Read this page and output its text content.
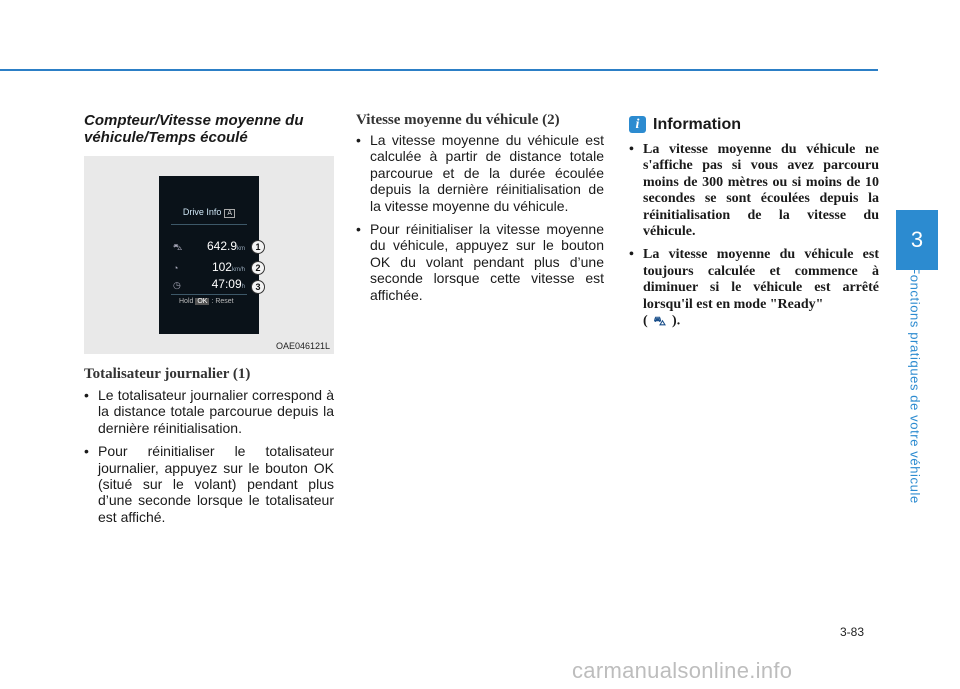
3
Fonctions pratiques de votre véhicule
Compteur/Vitesse moyenne du véhicule/Temps écoulé
Drive Info A
⛍	642.9km
◔	102km/h
◷	47:09h
Hold OK : Reset
1
2
3
OAE046121L
Totalisateur journalier (1)
• Le totalisateur journalier correspond à la distance totale parcourue depuis la dernière réinitialisation.
• Pour réinitialiser le totalisateur journalier, appuyez sur le bouton OK (situé sur le volant) pendant plus d’une seconde lorsque le totalisateur est affiché.
Vitesse moyenne du véhicule (2)
• La vitesse moyenne du véhicule est calculée à partir de distance totale parcourue et de la durée écoulée depuis la dernière réinitialisation de la vitesse moyenne du véhicule.
• Pour réinitialiser la vitesse moyenne du véhicule, appuyez sur le bouton OK du volant pendant plus d’une seconde lorsque cette vitesse est affichée.
i Information
• La vitesse moyenne du véhicule ne s'affiche pas si vous avez parcouru moins de 300 mètres ou si moins de 10 secondes se sont écoulées depuis la réinitialisation de la vitesse du véhicule.
• La vitesse moyenne du véhicule est toujours calculée et commence à diminuer si le véhicule est arrêté lorsqu'il est en mode "Ready"
( ⛍ ).
3-83
carmanualsonline.info
